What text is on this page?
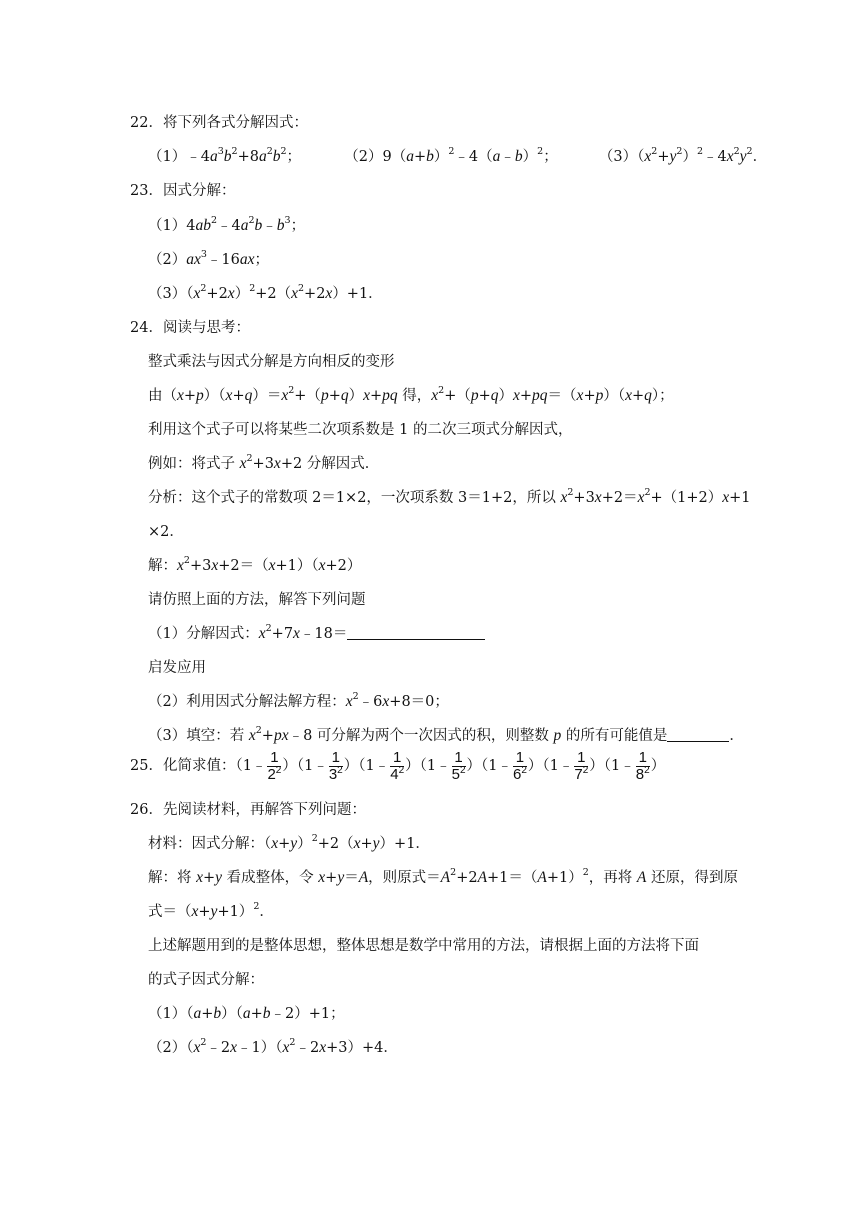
22．将下列各式分解因式：
$(1)﹣4a^3b^2+8a^2b^2$；	$(2)9(a+b)^2﹣4(a﹣b)^2$；	$(3)(x^2+y^2)^2﹣4x^2y^2$．
23．因式分解：
$(1)4ab^2﹣4a^2b﹣b^3$；
$(2)ax^3﹣16ax$；
$(3)(x^2+2x)^2+2(x^2+2x)+1$．
24．阅读与思考：
整式乘法与因式分解是方向相反的变形
由$(x+p)(x+q)=x^2+(p+q)x+pq$ 得，$x^2+(p+q)x+pq=(x+p)(x+q)$；
利用这个式子可以将某些二次项系数是 1 的二次三项式分解因式，
例如：将式子 $x^2+3x+2$ 分解因式．
分析：这个式子的常数项 2＝1×2，一次项系数 3＝1+2，所以 $x^2+3x+2=x^2+(1+2)x+1$
×2．
解：$x^2+3x+2=(x+1)(x+2)$
请仿照上面的方法，解答下列问题
（1）分解因式：$x^2+7x﹣18=$
启发应用
（2）利用因式分解法解方程：$x^2﹣6x+8=0$；
（3）填空：若 $x^2+px﹣8$ 可分解为两个一次因式的积，则整数 p 的所有可能值是	．
25．化简求值：（1﹣ $\frac{1}{2^2}$ ）（1﹣ $\frac{1}{3^2}$ ）（1﹣ $\frac{1}{4^2}$ ）（1﹣ $\frac{1}{5^2}$ ）（1﹣ $\frac{1}{6^2}$ ）（1﹣ $\frac{1}{7^2}$ ）（1﹣ $\frac{1}{8^2}$ ）
26．先阅读材料，再解答下列问题：
材料：因式分解：$(x+y)^2+2(x+y)+1$．
解：将 x+y 看成整体，令 x+y＝A，则原式$=A^2+2A+1=(A+1)^2$，再将 A 还原，得到原
式$=(x+y+1)^2$．
上述解题用到的是整体思想，整体思想是数学中常用的方法，请根据上面的方法将下面
的式子因式分解：
（1）（a+b）（a+b﹣2）+1；
$(2)(x^2﹣2x﹣1)(x^2﹣2x+3)+4$．
